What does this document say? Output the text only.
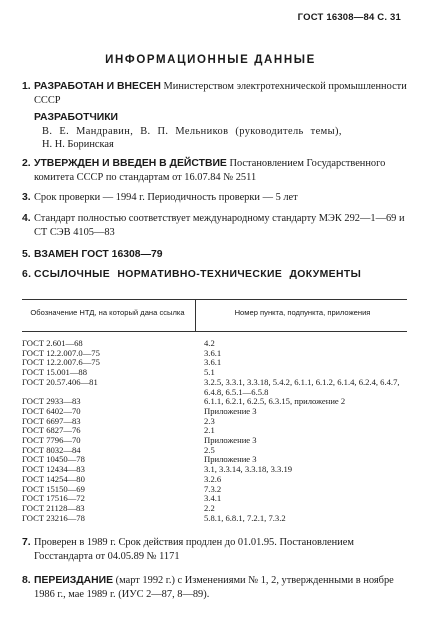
ГОСТ 16308—84 С. 31
ИНФОРМАЦИОННЫЕ ДАННЫЕ
1. РАЗРАБОТАН И ВНЕСЕН Министерством электротехнической промышленности СССР
РАЗРАБОТЧИКИ
В. Е. Мандравин, В. П. Мельников (руководитель темы),
Н. Н. Боринская
2. УТВЕРЖДЕН И ВВЕДЕН В ДЕЙСТВИЕ Постановлением Государственного комитета СССР по стандартам от 16.07.84 № 2511
3. Срок проверки — 1994 г. Периодичность проверки — 5 лет
4. Стандарт полностью соответствует международному стандарту МЭК 292—1—69 и СТ СЭВ 4105—83
5. ВЗАМЕН ГОСТ 16308—79
6. ССЫЛОЧНЫЕ НОРМАТИВНО-ТЕХНИЧЕСКИЕ ДОКУМЕНТЫ
Обозначение НТД, на который дана ссылка	Номер пункта, подпункта, приложения
ГОСТ 2.601—68	4.2
ГОСТ 12.2.007.0—75	3.6.1
ГОСТ 12.2.007.6—75	3.6.1
ГОСТ 15.001—88	5.1
ГОСТ 20.57.406—81	3.2.5, 3.3.1, 3.3.18, 5.4.2, 6.1.1, 6.1.2, 6.1.4, 6.2.4, 6.4.7, 6.4.8, 6.5.1—6.5.8
ГОСТ 2933—83	6.1.1, 6.2.1, 6.2.5, 6.3.15, приложение 2
ГОСТ 6402—70	Приложение 3
ГОСТ 6697—83	2.3
ГОСТ 6827—76	2.1
ГОСТ 7796—70	Приложение 3
ГОСТ 8032—84	2.5
ГОСТ 10450—78	Приложение 3
ГОСТ 12434—83	3.1, 3.3.14, 3.3.18, 3.3.19
ГОСТ 14254—80	3.2.6
ГОСТ 15150—69	7.3.2
ГОСТ 17516—72	3.4.1
ГОСТ 21128—83	2.2
ГОСТ 23216—78	5.8.1, 6.8.1, 7.2.1, 7.3.2
7. Проверен в 1989 г. Срок действия продлен до 01.01.95. Постановлением Госстандарта от 04.05.89 № 1171
8. ПЕРЕИЗДАНИЕ (март 1992 г.) с Изменениями № 1, 2, утвержденными в ноябре 1986 г., мае 1989 г. (ИУС 2—87, 8—89).
